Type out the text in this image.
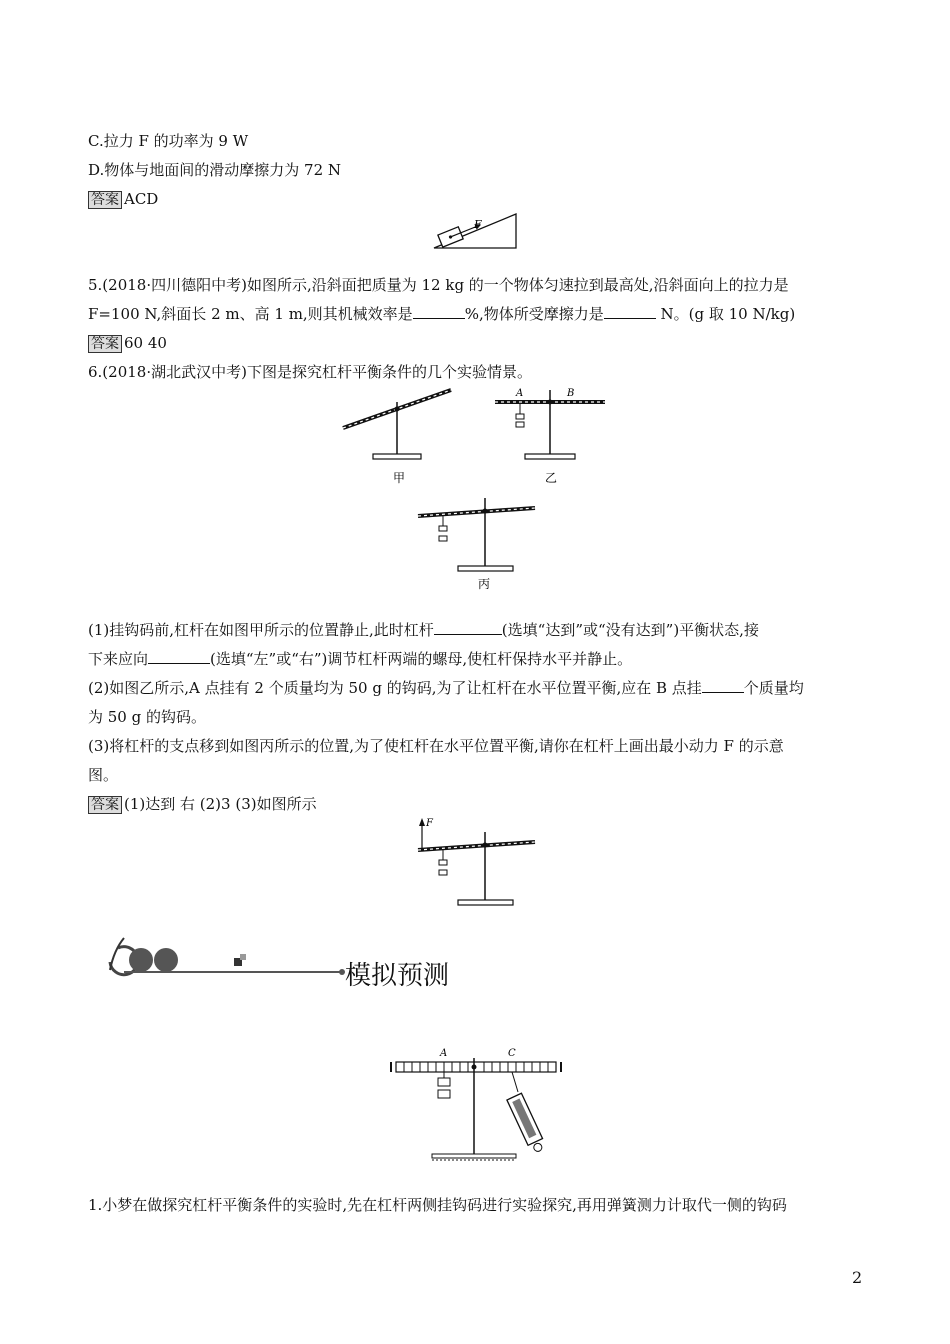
C.拉力 F 的功率为 9 W
D.物体与地面间的滑动摩擦力为 72 N
答案 ACD
F
5.(2018·四川德阳中考)如图所示,沿斜面把质量为 12 kg 的一个物体匀速拉到最高处,沿斜面向上的拉力是
F=100 N,斜面长 2 m、高 1 m,则其机械效率是	%,物体所受摩擦力是	N。(g 取 10 N/kg)
答案 60 40
6.(2018·湖北武汉中考)下图是探究杠杆平衡条件的几个实验情景。
甲
A	B
乙
丙
(1)挂钩码前,杠杆在如图甲所示的位置静止,此时杠杆	(选填“达到”或“没有达到”)平衡状态,接
下来应向	(选填“左”或“右”)调节杠杆两端的螺母,使杠杆保持水平并静止。
(2)如图乙所示,A 点挂有 2 个质量均为 50 g 的钩码,为了让杠杆在水平位置平衡,应在 B 点挂	个质量均
为 50 g 的钩码。
(3)将杠杆的支点移到如图丙所示的位置,为了使杠杆在水平位置平衡,请你在杠杆上画出最小动力 F 的示意
图。
答案 (1)达到 右 (2)3 (3)如图所示
F
模拟预测
A	C
1.小梦在做探究杠杆平衡条件的实验时,先在杠杆两侧挂钩码进行实验探究,再用弹簧测力计取代一侧的钩码
2
